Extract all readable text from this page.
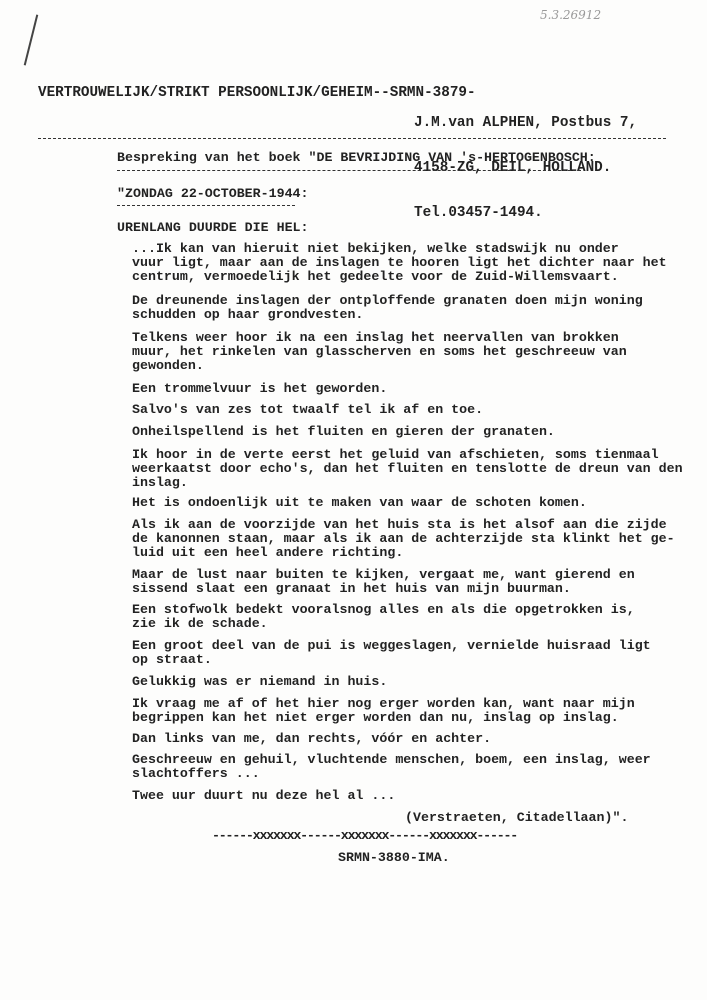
5.3.26912
VERTROUWELIJK/STRIKT PERSOONLIJK/GEHEIM--SRMN-3879-

J.M.van ALPHEN, Postbus 7,

4158-ZG, DEIL, HOLLAND.

Tel.03457-1494.

Bespreking van het boek "DE BEVRIJDING VAN 's-HERTOGENBOSCH:
"ZONDAG 22-OCTOBER-1944:
URENLANG DUURDE DIE HEL:
...Ik kan van hieruit niet bekijken, welke stadswijk nu onder
vuur ligt, maar aan de inslagen te hooren ligt het dichter naar het
centrum, vermoedelijk het gedeelte voor de Zuid-Willemsvaart.
De dreunende inslagen der ontploffende granaten doen mijn woning
schudden op haar grondvesten.
Telkens weer hoor ik na een inslag het neervallen van brokken
muur, het rinkelen van glasscherven en soms het geschreeuw van
gewonden.
Een trommelvuur is het geworden.
Salvo's van zes tot twaalf tel ik af en toe.
Onheilspellend is het fluiten en gieren der granaten.
Ik hoor in de verte eerst het geluid van afschieten, soms tienmaal
weerkaatst door echo's, dan het fluiten en tenslotte de dreun van den
inslag.
Het is ondoenlijk uit te maken van waar de schoten komen.
Als ik aan de voorzijde van het huis sta is het alsof aan die zijde
de kanonnen staan, maar als ik aan de achterzijde sta klinkt het ge-
luid uit een heel andere richting.
Maar de lust naar buiten te kijken, vergaat me, want gierend en
sissend slaat een granaat in het huis van mijn buurman.
Een stofwolk bedekt vooralsnog alles en als die opgetrokken is,
zie ik de schade.
Een groot deel van de pui is weggeslagen, vernielde huisraad ligt
op straat.
Gelukkig was er niemand in huis.
Ik vraag me af of het hier nog erger worden kan, want naar mijn
begrippen kan het niet erger worden dan nu, inslag op inslag.
Dan links van me, dan rechts, vóór en achter.
Geschreeuw en gehuil, vluchtende menschen, boem, een inslag, weer
slachtoffers ...
Twee uur duurt nu deze hel al ...
(Verstraeten, Citadellaan)".
------xxxxxxx------xxxxxxx------xxxxxxx------
SRMN-3880-IMA.
